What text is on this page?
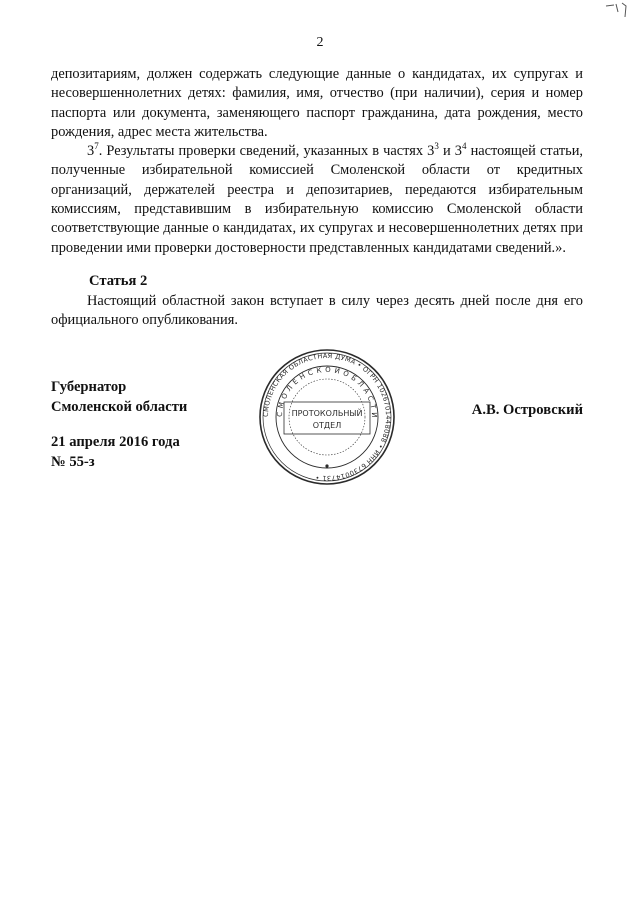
2

депозитариям, должен содержать следующие данные о кандидатах, их супругах и несовершеннолетних детях: фамилия, имя, отчество (при наличии), серия и номер паспорта или документа, заменяющего паспорт гражданина, дата рождения, место рождения, адрес места жительства.

$3^7$. Результаты проверки сведений, указанных в частях $3^3$ и $3^4$ настоящей статьи, полученные избирательной комиссией Смоленской области от кредитных организаций, держателей реестра и депозитариев, передаются избирательным комиссиям, представившим в избирательную комиссию Смоленской области соответствующие данные о кандидатах, их супругах и несовершеннолетних детях при проведении ими проверки достоверности представленных кандидатами сведений.».

Статья 2

Настоящий областной закон вступает в силу через десять дней после дня его официального опубликования.

Губернатор
Смоленской области
21 апреля 2016 года
№ 55-з
А.В. Островский
СМОЛЕНСКАЯ ОБЛАСТНАЯ ДУМА • ОГРН 1026701448088 • ИНН 6730014731 •
С М О Л Е Н С К О Й О Б Л А С Т И
ПРОТОКОЛЬНЫЙ
ОТДЕЛ
